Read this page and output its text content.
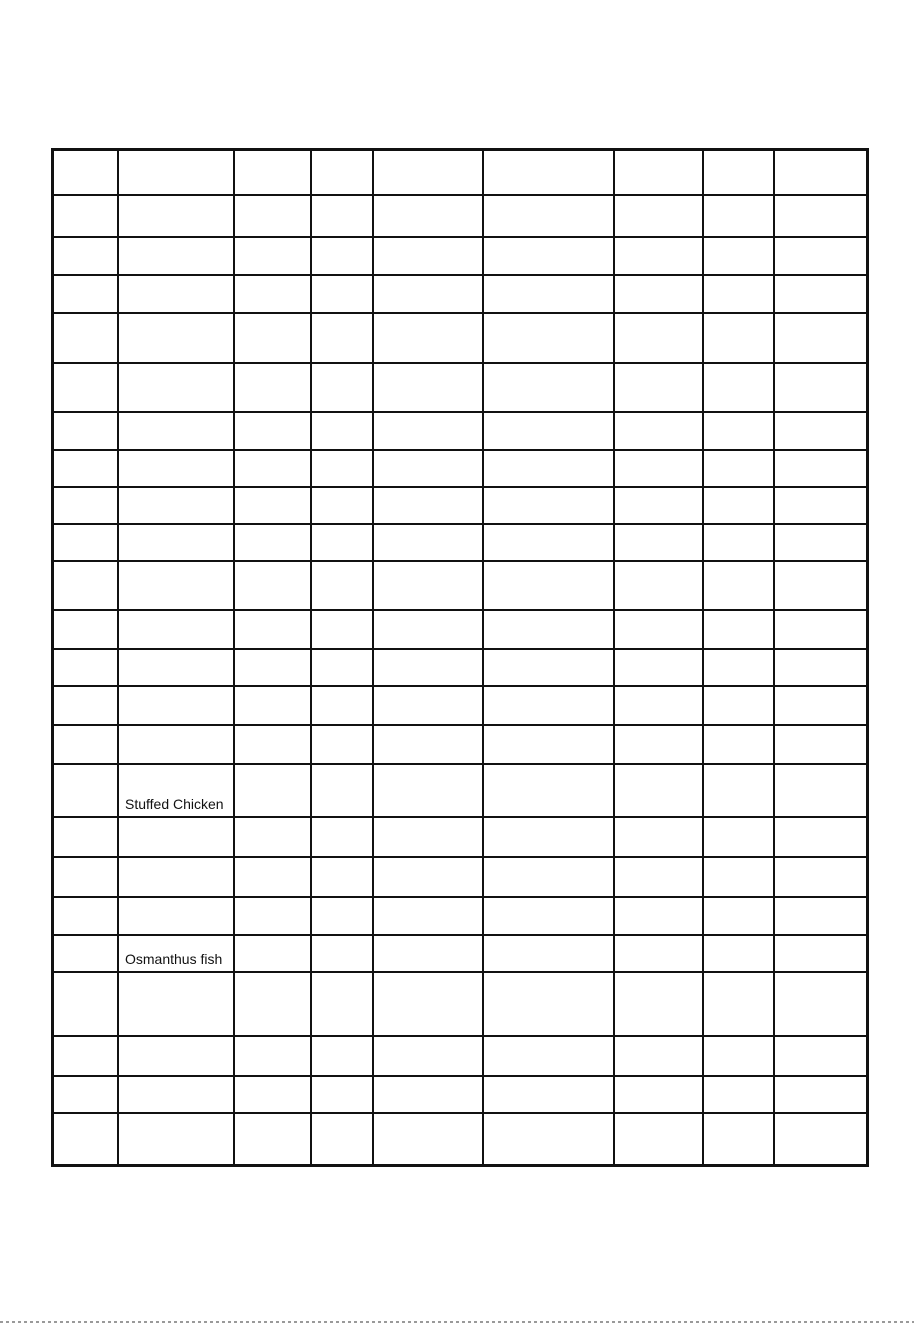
	Stuffed Chicken							

	Osmanthus fish							
